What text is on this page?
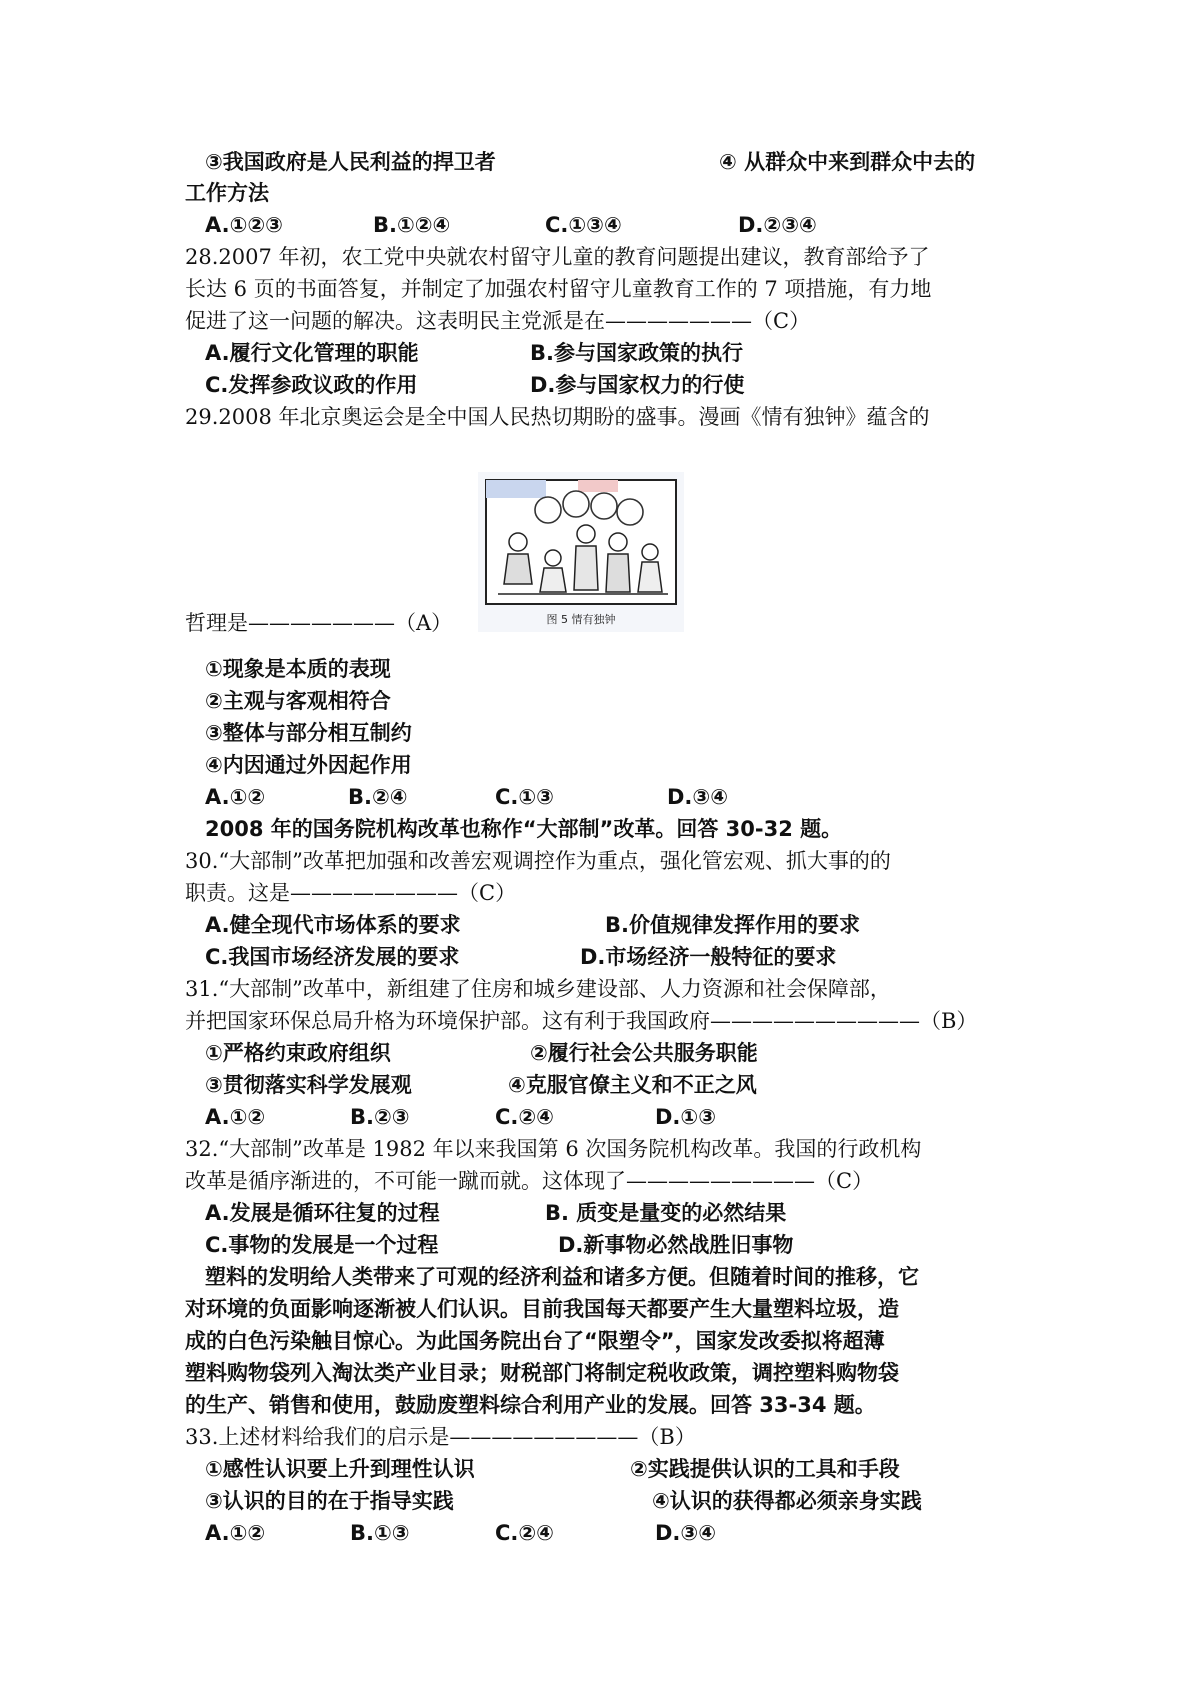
③我国政府是人民利益的捍卫者	④ 从群众中来到群众中去的
工作方法
A.①②③	B.①②④	C.①③④	D.②③④
28.2007 年初，农工党中央就农村留守儿童的教育问题提出建议，教育部给予了
长达 6 页的书面答复，并制定了加强农村留守儿童教育工作的 7 项措施，有力地
促进了这一问题的解决。这表明民主党派是在———————（C）
A.履行文化管理的职能	B.参与国家政策的执行
C.发挥参政议政的作用	D.参与国家权力的行使
29.2008 年北京奥运会是全中国人民热切期盼的盛事。漫画《情有独钟》蕴含的
图 5 情有独钟
哲理是———————（A）
①现象是本质的表现
②主观与客观相符合
③整体与部分相互制约
④内因通过外因起作用
A.①②	B.②④	C.①③	D.③④
2008 年的国务院机构改革也称作“大部制”改革。回答 30-32 题。
30.“大部制”改革把加强和改善宏观调控作为重点，强化管宏观、抓大事的的
职责。这是————————（C）
A.健全现代市场体系的要求	B.价值规律发挥作用的要求
C.我国市场经济发展的要求	D.市场经济一般特征的要求
31.“大部制”改革中，新组建了住房和城乡建设部、人力资源和社会保障部，
并把国家环保总局升格为环境保护部。这有利于我国政府——————————（B）
①严格约束政府组织	②履行社会公共服务职能
③贯彻落实科学发展观	④克服官僚主义和不正之风
A.①②	B.②③	C.②④	D.①③
32.“大部制”改革是 1982 年以来我国第 6 次国务院机构改革。我国的行政机构
改革是循序渐进的，不可能一蹴而就。这体现了—————————（C）
A.发展是循环往复的过程	B. 质变是量变的必然结果
C.事物的发展是一个过程	D.新事物必然战胜旧事物
塑料的发明给人类带来了可观的经济利益和诸多方便。但随着时间的推移，它
对环境的负面影响逐渐被人们认识。目前我国每天都要产生大量塑料垃圾，造
成的白色污染触目惊心。为此国务院出台了“限塑令”，国家发改委拟将超薄
塑料购物袋列入淘汰类产业目录；财税部门将制定税收政策，调控塑料购物袋
的生产、销售和使用，鼓励废塑料综合利用产业的发展。回答 33-34 题。
33.上述材料给我们的启示是—————————（B）
①感性认识要上升到理性认识	②实践提供认识的工具和手段
③认识的目的在于指导实践	④认识的获得都必须亲身实践
A.①②	B.①③	C.②④	D.③④
